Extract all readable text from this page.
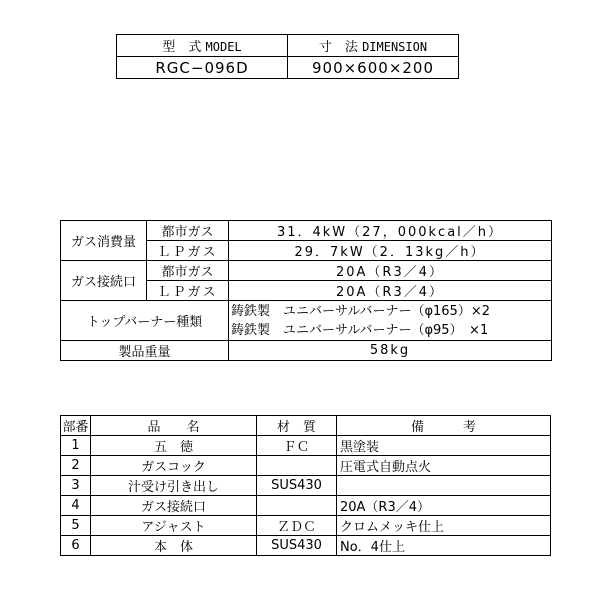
型　式 MODEL	寸　法 DIMENSION
RGC−096D	900×600×200
ガス消費量	都市ガス	31．4kW（27，000kcal／h）
	ＬＰガス	29．7kW（2．13kg／h）
ガス接続口	都市ガス	20A（R3／4）
	ＬＰガス	20A（R3／4）
トップバーナー種類		鋳鉄製　ユニバーサルバーナー（φ165）×2
鋳鉄製　ユニバーサルバーナー（φ95）　×1

製品重量		58kg
部番	品　　名	材　質	備　　　考
1	五　徳	ＦＣ	黒塗装
2	ガスコック		圧電式自動点火
3	汁受け引き出し	SUS430	
4	ガス接続口		20A（R3／4）
5	アジャスト	ＺＤＣ	クロムメッキ仕上
6	本　体	SUS430	No．4仕上
